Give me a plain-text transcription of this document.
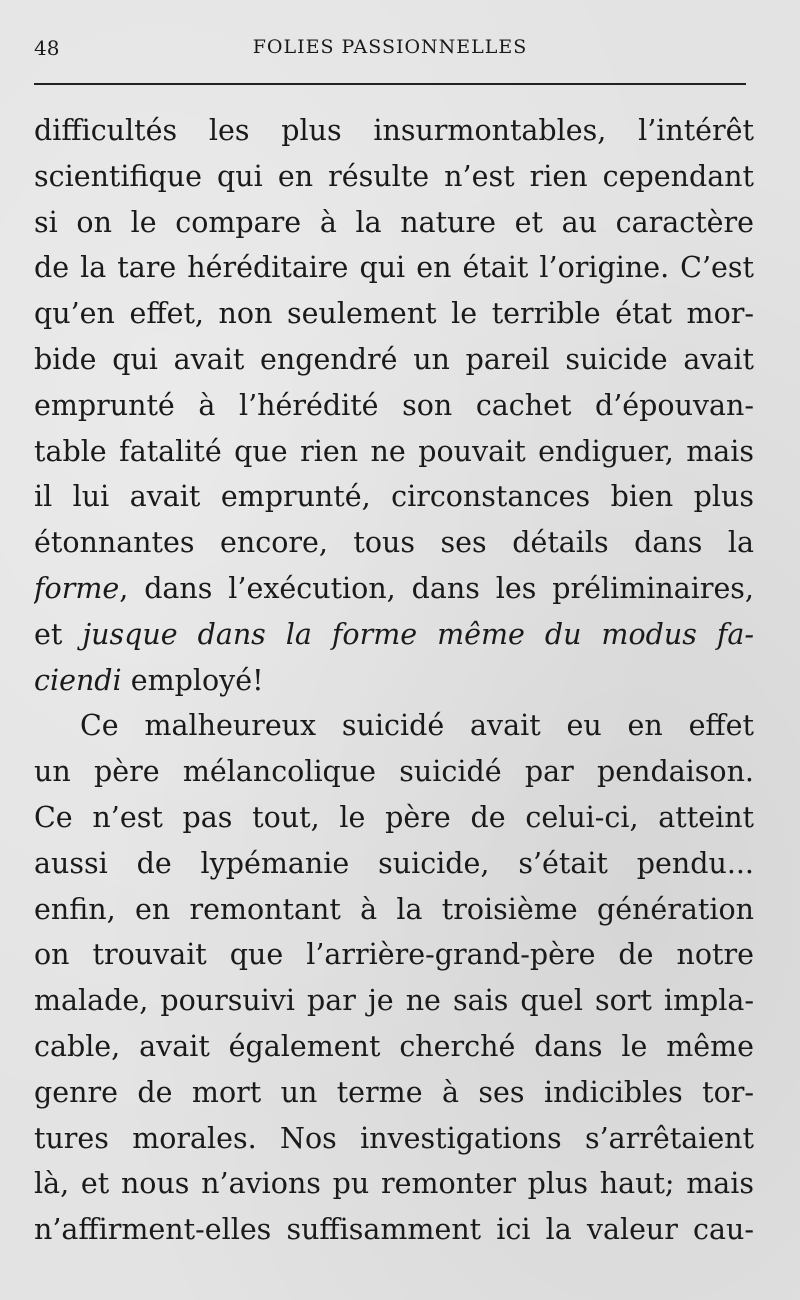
48	FOLIES PASSIONNELLES
difficultés les plus insurmontables, l’intérêt
scientifique qui en résulte n’est rien cependant
si on le compare à la nature et au caractère
de la tare héréditaire qui en était l’origine. C’est
qu’en effet, non seulement le terrible état mor-
bide qui avait engendré un pareil suicide avait
emprunté à l’hérédité son cachet d’épouvan-
table fatalité que rien ne pouvait endiguer, mais
il lui avait emprunté, circonstances bien plus
étonnantes encore, tous ses détails dans la
forme, dans l’exécution, dans les préliminaires,
et jusque dans la forme même du modus fa-
ciendi employé!
Ce malheureux suicidé avait eu en effet
un père mélancolique suicidé par pendaison.
Ce n’est pas tout, le père de celui-ci, atteint
aussi de lypémanie suicide, s’était pendu...
enfin, en remontant à la troisième génération
on trouvait que l’arrière-grand-père de notre
malade, poursuivi par je ne sais quel sort impla-
cable, avait également cherché dans le même
genre de mort un terme à ses indicibles tor-
tures morales. Nos investigations s’arrêtaient
là, et nous n’avions pu remonter plus haut; mais
n’affirment-elles suffisamment ici la valeur cau-
